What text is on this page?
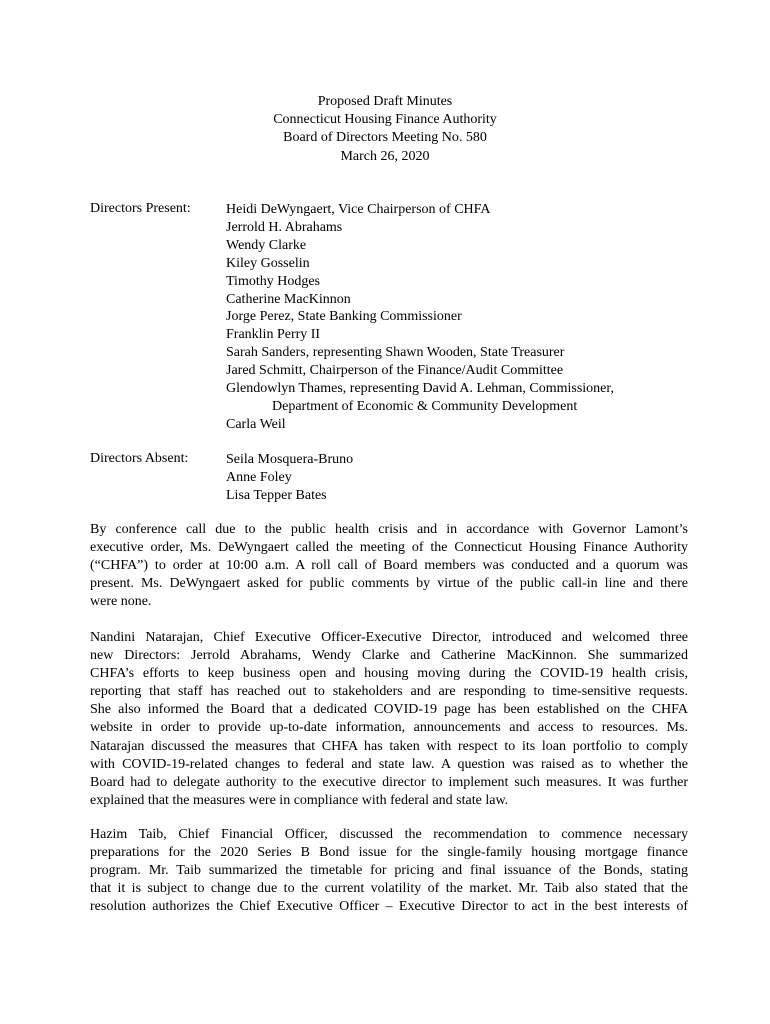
Proposed Draft Minutes
Connecticut Housing Finance Authority
Board of Directors Meeting No. 580
March 26, 2020
Directors Present:	Heidi DeWyngaert, Vice Chairperson of CHFA
Jerrold H. Abrahams
Wendy Clarke
Kiley Gosselin
Timothy Hodges
Catherine MacKinnon
Jorge Perez, State Banking Commissioner
Franklin Perry II
Sarah Sanders, representing Shawn Wooden, State Treasurer
Jared Schmitt, Chairperson of the Finance/Audit Committee
Glendowlyn Thames, representing David A. Lehman, Commissioner,
Department of Economic & Community Development
Carla Weil
Directors Absent:	Seila Mosquera-Bruno
Anne Foley
Lisa Tepper Bates
By conference call due to the public health crisis and in accordance with Governor Lamont’s
executive order, Ms. DeWyngaert called the meeting of the Connecticut Housing Finance Authority
(“CHFA”) to order at 10:00 a.m. A roll call of Board members was conducted and a quorum was
present. Ms. DeWyngaert asked for public comments by virtue of the public call-in line and there
were none.
Nandini Natarajan, Chief Executive Officer-Executive Director, introduced and welcomed three
new Directors: Jerrold Abrahams, Wendy Clarke and Catherine MacKinnon. She summarized
CHFA’s efforts to keep business open and housing moving during the COVID-19 health crisis,
reporting that staff has reached out to stakeholders and are responding to time-sensitive requests.
She also informed the Board that a dedicated COVID-19 page has been established on the CHFA
website in order to provide up-to-date information, announcements and access to resources. Ms.
Natarajan discussed the measures that CHFA has taken with respect to its loan portfolio to comply
with COVID-19-related changes to federal and state law. A question was raised as to whether the
Board had to delegate authority to the executive director to implement such measures. It was further
explained that the measures were in compliance with federal and state law.
Hazim Taib, Chief Financial Officer, discussed the recommendation to commence necessary
preparations for the 2020 Series B Bond issue for the single-family housing mortgage finance
program. Mr. Taib summarized the timetable for pricing and final issuance of the Bonds, stating
that it is subject to change due to the current volatility of the market. Mr. Taib also stated that the
resolution authorizes the Chief Executive Officer – Executive Director to act in the best interests of
